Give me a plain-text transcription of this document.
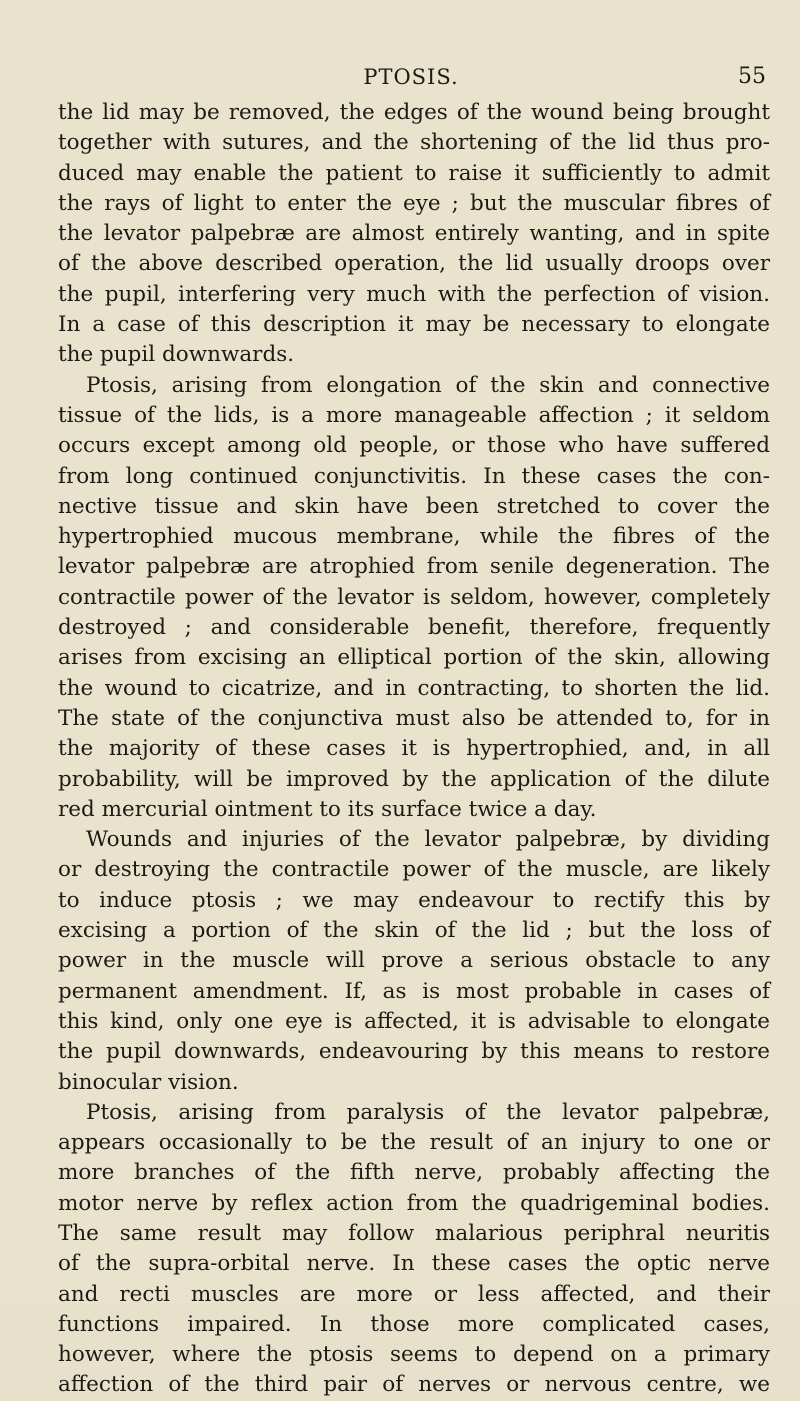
PTOSIS.	55
the lid may be removed, the edges of the wound being brought
together with sutures, and the shortening of the lid thus pro-
duced may enable the patient to raise it sufficiently to admit
the rays of light to enter the eye ; but the muscular fibres of
the levator palpebræ are almost entirely wanting, and in spite
of the above described operation, the lid usually droops over
the pupil, interfering very much with the perfection of vision.
In a case of this description it may be necessary to elongate
the pupil downwards.
Ptosis, arising from elongation of the skin and connective
tissue of the lids, is a more manageable affection ; it seldom
occurs except among old people, or those who have suffered
from long continued conjunctivitis. In these cases the con-
nective tissue and skin have been stretched to cover the
hypertrophied mucous membrane, while the fibres of the
levator palpebræ are atrophied from senile degeneration. The
contractile power of the levator is seldom, however, completely
destroyed ; and considerable benefit, therefore, frequently
arises from excising an elliptical portion of the skin, allowing
the wound to cicatrize, and in contracting, to shorten the lid.
The state of the conjunctiva must also be attended to, for in
the majority of these cases it is hypertrophied, and, in all
probability, will be improved by the application of the dilute
red mercurial ointment to its surface twice a day.
Wounds and injuries of the levator palpebræ, by dividing
or destroying the contractile power of the muscle, are likely
to induce ptosis ; we may endeavour to rectify this by
excising a portion of the skin of the lid ; but the loss of
power in the muscle will prove a serious obstacle to any
permanent amendment. If, as is most probable in cases of
this kind, only one eye is affected, it is advisable to elongate
the pupil downwards, endeavouring by this means to restore
binocular vision.
Ptosis, arising from paralysis of the levator palpebræ,
appears occasionally to be the result of an injury to one or
more branches of the fifth nerve, probably affecting the
motor nerve by reflex action from the quadrigeminal bodies.
The same result may follow malarious periphral neuritis
of the supra-orbital nerve. In these cases the optic nerve
and recti muscles are more or less affected, and their
functions impaired. In those more complicated cases,
however, where the ptosis seems to depend on a primary
affection of the third pair of nerves or nervous centre, we
